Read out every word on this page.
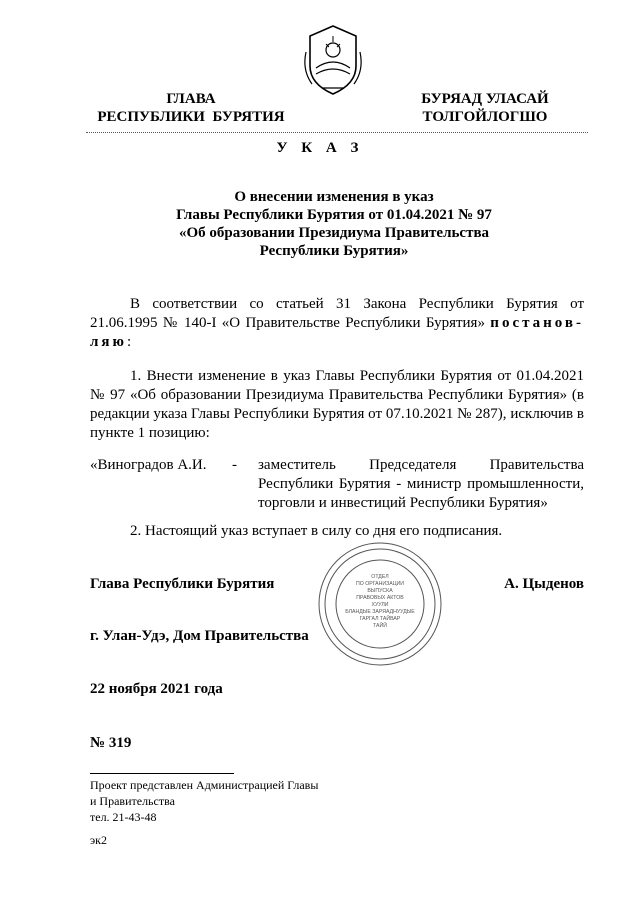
ГЛАВА
РЕСПУБЛИКИ  БУРЯТИЯ
БУРЯАД УЛАСАЙ
ТОЛГОЙЛОГШО
У К А З
О внесении изменения в указ
Главы Республики Бурятия от 01.04.2021 № 97
«Об образовании Президиума Правительства
Республики Бурятия»
В соответствии со статьей 31 Закона Республики Бурятия от 21.06.1995 № 140-I «О Правительстве Республики Бурятия» постанов-ляю:
1. Внести изменение в указ Главы Республики Бурятия от 01.04.2021 № 97 «Об образовании Президиума Правительства Республики Бурятия» (в редакции указа Главы Республики Бурятия от 07.10.2021 № 287), исключив в пункте 1 позицию:
«Виноградов А.И. - заместитель Председателя Правительства Республики Бурятия - министр промышленности, торговли и инвестиций Республики Бурятия»
2. Настоящий указ вступает в силу со дня его подписания.
ОТДЕЛ
ПО ОРГАНИЗАЦИИ
ВЫПУСКА
ПРАВОВЫХ АКТОВ
ХУУЛИ
БЛАНДЫЕ ЗАРЯАДНУУДЫЕ
ГАРГАЛ ТАЙВАР
ТАЙЙ
Глава Республики Бурятия	А. Цыденов
г. Улан-Удэ, Дом Правительства
22 ноября 2021 года
№ 319
Проект представлен Администрацией Главы
и Правительства
тел. 21-43-48
эк2
